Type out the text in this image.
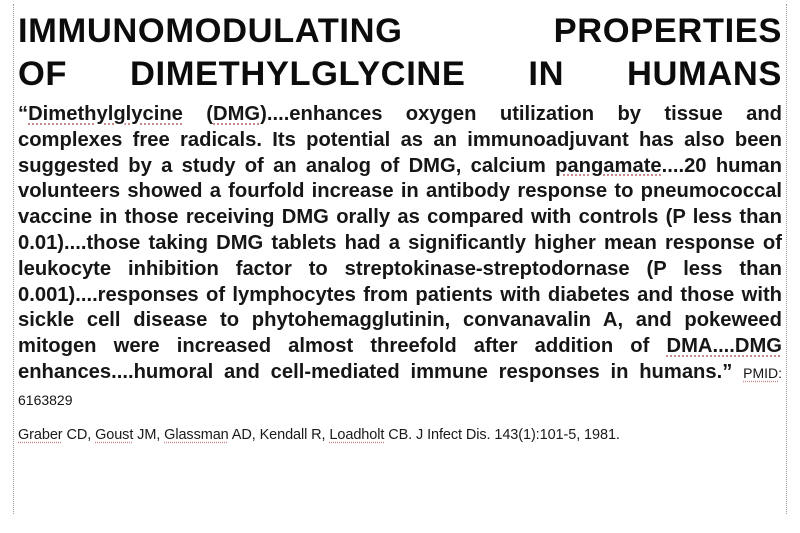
IMMUNOMODULATING PROPERTIES
OF DIMETHYLGLYCINE IN HUMANS

“Dimethylglycine (DMG)....enhances oxygen utilization by tissue and complexes free radicals. Its potential as an immunoadjuvant has also been suggested by a study of an analog of DMG, calcium pangamate....20 human volunteers showed a fourfold increase in antibody response to pneumococcal vaccine in those receiving DMG orally as compared with controls (P less than 0.01)....those taking DMG tablets had a significantly higher mean response of leukocyte inhibition factor to streptokinase-streptodornase (P less than 0.001)....responses of lymphocytes from patients with diabetes and those with sickle cell disease to phytohemagglutinin, convanavalin A, and pokeweed mitogen were increased almost threefold after addition of DMA....DMG enhances....humoral and cell-mediated immune responses in humans.” PMID: 6163829

Graber CD, Goust JM, Glassman AD, Kendall R, Loadholt CB. J Infect Dis. 143(1):101-5, 1981.
